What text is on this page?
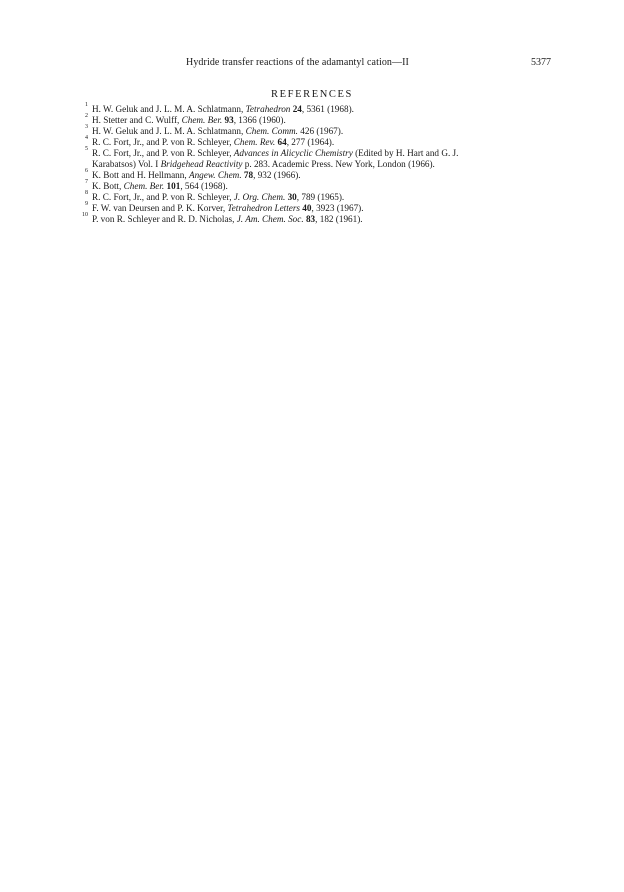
Hydride transfer reactions of the adamantyl cation—II	5377
REFERENCES
1 H. W. Geluk and J. L. M. A. Schlatmann, Tetrahedron 24, 5361 (1968).
2 H. Stetter and C. Wulff, Chem. Ber. 93, 1366 (1960).
3 H. W. Geluk and J. L. M. A. Schlatmann, Chem. Comm. 426 (1967).
4 R. C. Fort, Jr., and P. von R. Schleyer, Chem. Rev. 64, 277 (1964).
5 R. C. Fort, Jr., and P. von R. Schleyer, Advances in Alicyclic Chemistry (Edited by H. Hart and G. J.
Karabatsos) Vol. I Bridgehead Reactivity p. 283. Academic Press. New York, London (1966).
6 K. Bott and H. Hellmann, Angew. Chem. 78, 932 (1966).
7 K. Bott, Chem. Ber. 101, 564 (1968).
8 R. C. Fort, Jr., and P. von R. Schleyer, J. Org. Chem. 30, 789 (1965).
9 F. W. van Deursen and P. K. Korver, Tetrahedron Letters 40, 3923 (1967).
10 P. von R. Schleyer and R. D. Nicholas, J. Am. Chem. Soc. 83, 182 (1961).
